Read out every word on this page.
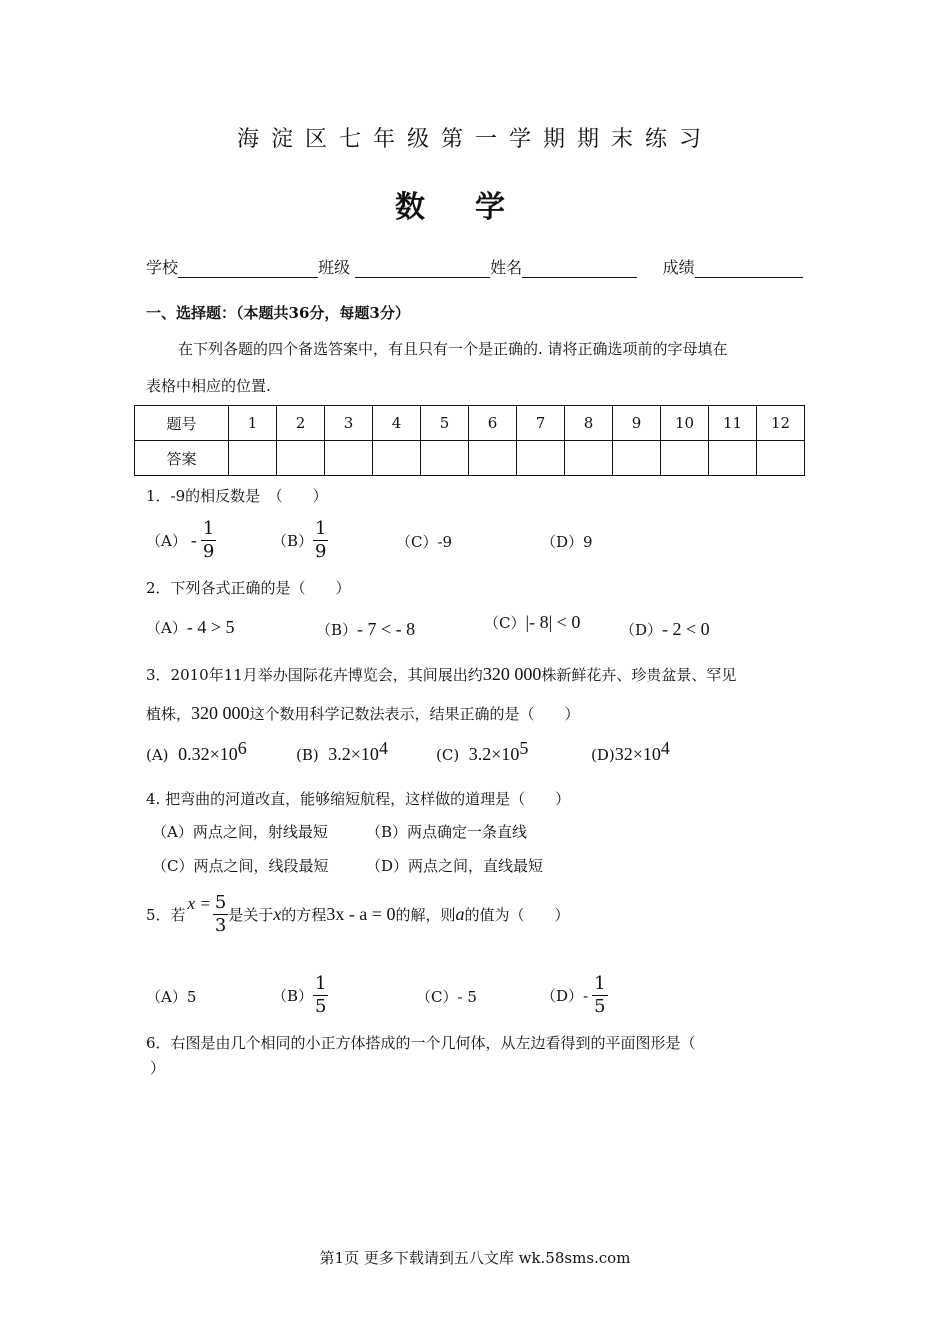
海淀区七年级第一学期期末练习
数学
学校	班级	姓名	成绩
一、选择题：（本题共36分，每题3分）
在下列各题的四个备选答案中，有且只有一个是正确的. 请将正确选项前的字母填在
表格中相应的位置.
题号	1	2	3	4	5	6	7	8	9	10	11	12
答案												
1．-9的相反数是　（　　）
$(A) - \frac{1}{9}$	$(B) \frac{1}{9}$	（C）-9	（D）9
2．下列各式正确的是（　　）
（A）- 4 > 5	（B）- 7 < - 8	（C）|- 8| < 0	（D）- 2 < 0
3．2010年11月举办国际花卉博览会，其间展出约320 000株新鲜花卉、珍贵盆景、罕见
植株，320 000这个数用科学记数法表示，结果正确的是（　　）
(A) $0.32\times 10^6$	(B) $3.2\times 10^4$	(C) $3.2\times 10^5$	$(D)32\times 10^4$
4. 把弯曲的河道改直，能够缩短航程，这样做的道理是（　　）
（A）两点之间，射线最短	（B）两点确定一条直线
（C）两点之间，线段最短	（D）两点之间，直线最短
5．若
$x = \frac{5}{3}$ 是关于 x 的方程 3x - a = 0 的解，则 a 的值为（　　）
（A）5	$(B) \frac{1}{5}$	（C）- 5	$(D)- \frac{1}{5}$
6．右图是由几个相同的小正方体搭成的一个几何体，从左边看得到的平面图形是（
）
第1页 更多下载请到五八文库 wk.58sms.com
